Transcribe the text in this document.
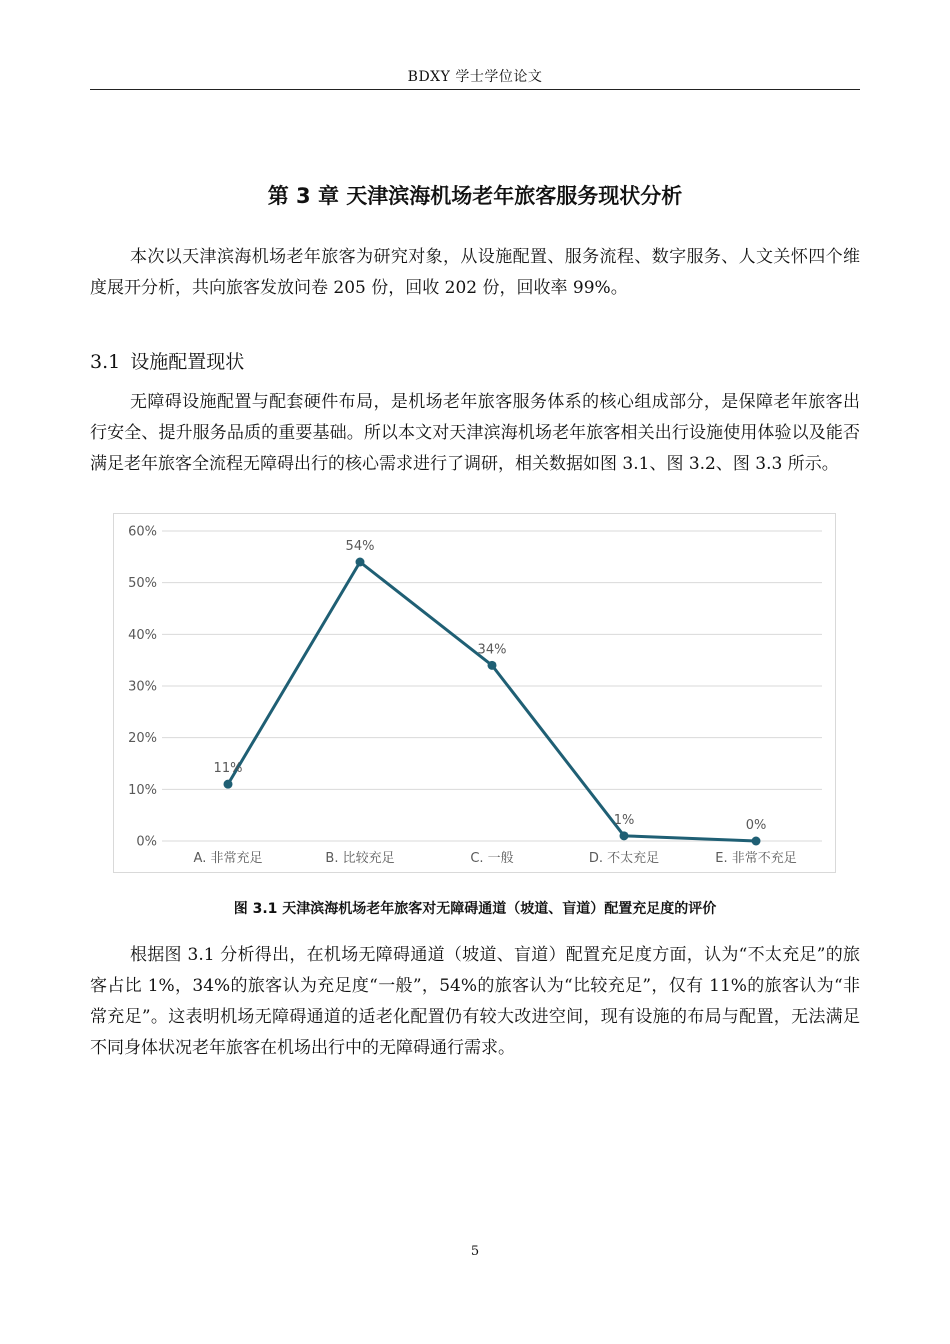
BDXY 学士学位论文
第 3 章 天津滨海机场老年旅客服务现状分析

本次以天津滨海机场老年旅客为研究对象，从设施配置、服务流程、数字服务、人文关怀四个维度展开分析，共向旅客发放问卷 205 份，回收 202 份，回收率 99%。

3.1 设施配置现状

无障碍设施配置与配套硬件布局，是机场老年旅客服务体系的核心组成部分，是保障老年旅客出行安全、提升服务品质的重要基础。所以本文对天津滨海机场老年旅客相关出行设施使用体验以及能否满足老年旅客全流程无障碍出行的核心需求进行了调研，相关数据如图 3.1、图 3.2、图 3.3 所示。

0%
10%
20%
30%
40%
50%
60%
A. 非常充足	B. 比较充足	C. 一般	D. 不太充足	E. 非常不充足
11%
54%
34%
1%	0%
图 3.1 天津滨海机场老年旅客对无障碍通道（坡道、盲道）配置充足度的评价

根据图 3.1 分析得出，在机场无障碍通道（坡道、盲道）配置充足度方面，认为“不太充足”的旅客占比 1%，34%的旅客认为充足度“一般”，54%的旅客认为“比较充足”，仅有 11%的旅客认为“非常充足”。这表明机场无障碍通道的适老化配置仍有较大改进空间，现有设施的布局与配置，无法满足不同身体状况老年旅客在机场出行中的无障碍通行需求。

5
